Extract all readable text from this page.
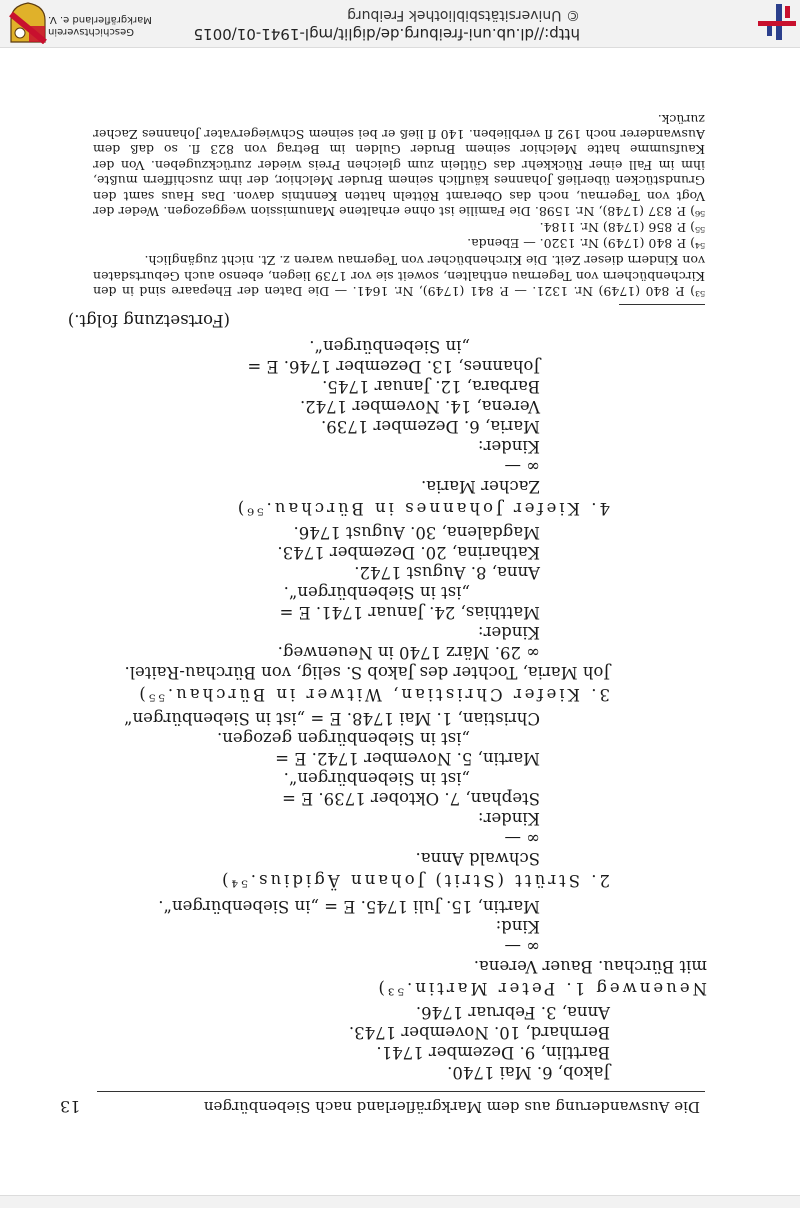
Die Auswanderung aus dem Markgräflerland nach Siebenbürgen
13
Jakob, 6. Mai 1740.
Barttlin, 9. Dezember 1741.
Bernhard, 10. November 1743.
Anna, 3. Februar 1746.
Neuenweg 1. Peter Martin.⁵³)
mit Bürchau. Bauer Verena.
∞ —
Kind:
Martin, 15. Juli 1745. E = „in Siebenbürgen“.
2. Strütt (Strit) Johann Ägidius.⁵⁴)
Schwald Anna.
∞ —
Kinder:
Stephan, 7. Oktober 1739. E =
„ist in Siebenbürgen“.
Martin, 5. November 1742. E =
„ist in Siebenbürgen gezogen.
Christian, 1. Mai 1748. E = „ist in Siebenbürgen“
3. Kiefer Christian, Witwer in Bürchau.⁵⁵)
Joh Maria, Tochter des Jakob S. selig, von Bürchau-Raitel.
∞ 29. März 1740 in Neuenweg.
Kinder:
Matthias, 24. Januar 1741. E =
„ist in Siebenbürgen“.
Anna, 8. August 1742.
Katharina, 20. Dezember 1743.
Magdalena, 30. August 1746.
4. Kiefer Johannes in Bürchau.⁵⁶)
Zacher Maria.
∞ —
Kinder:
Maria, 6. Dezember 1739.
Verena, 14. November 1742.
Barbara, 12. Januar 1745.
Johannes, 13. Dezember 1746. E =
„in Siebenbürgen“.
(Fortsetzung folgt.)
⁵³) P. 840 (1749) Nr. 1321. — P. 841 (1749), Nr. 1641. — Die Daten der Ehepaare sind in den Kirchenbüchern von Tegernau enthalten, soweit sie vor 1739 liegen, ebenso auch Geburtsdaten von Kindern dieser Zeit. Die Kirchenbücher von Tegernau waren z. Zt. nicht zugänglich.
⁵⁴) P. 840 (1749) Nr. 1320. — Ebenda.
⁵⁵) P. 856 (1748) Nr. 1184.
⁵⁶) P. 837 (1748), Nr. 1598. Die Familie ist ohne erhaltene Manumission weggezogen. Weder der Vogt von Tegernau, noch das Oberamt Rötteln hatten Kenntnis davon. Das Haus samt den Grundstücken überließ Johannes käuflich seinem Bruder Melchior, der ihm zuschiffern mußte, ihm im Fall einer Rückkehr das Gütlein zum gleichen Preis wieder zurückzugeben. Von der Kaufsumme hatte Melchior seinem Bruder Gulden im Betrag von 823 fl. so daß dem Auswanderer noch 192 fl verblieben. 140 fl ließ er bei seinem Schwiegervater Johannes Zacher zurück.
http://dl.ub.uni-freiburg.de/diglit/mgl-1941-01/0015
© Universitätsbibliothek Freiburg
Geschichtsverein
Markgräflerland e. V.
